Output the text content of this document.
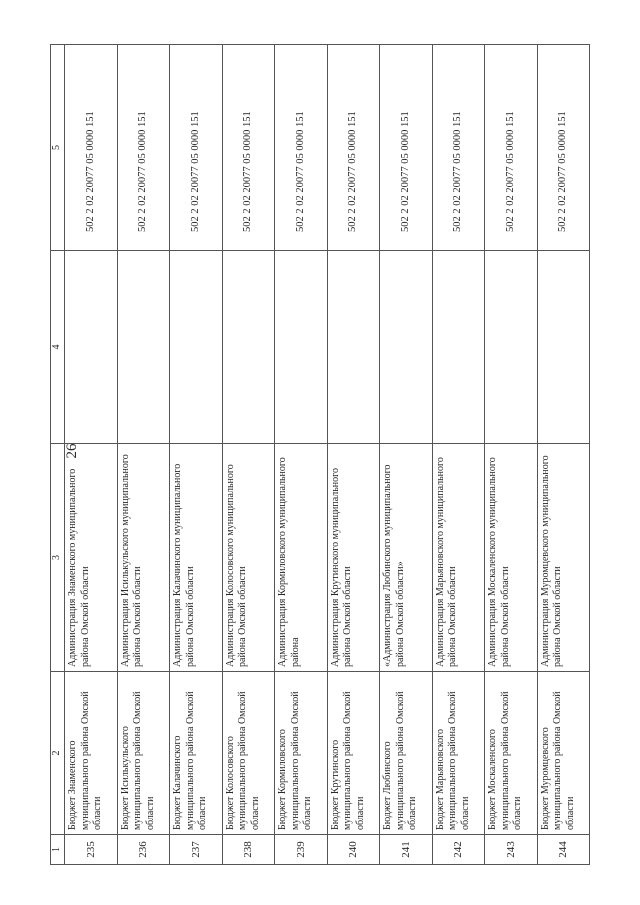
26
1	2	3	4	5
235	Бюджет Знаменского муниципального района Омской области	Администрация Знаменского муниципального района Омской области		502 2 02 20077 05 0000 151
236	Бюджет Исилькульского муниципального района Омской области	Администрация Исилькульского муниципального района Омской области		502 2 02 20077 05 0000 151
237	Бюджет Калачинского муниципального района Омской области	Администрация Калачинского муниципального района Омской области		502 2 02 20077 05 0000 151
238	Бюджет Колосовского муниципального района Омской области	Администрация Колосовского муниципального района Омской области		502 2 02 20077 05 0000 151
239	Бюджет Кормиловского муниципального района Омской области	Администрация Кормиловского муниципального района		502 2 02 20077 05 0000 151
240	Бюджет Крутинского муниципального района Омской области	Администрация Крутинского муниципального района Омской области		502 2 02 20077 05 0000 151
241	Бюджет Любинского муниципального района Омской области	«Администрация Любинского муниципального района Омской области»		502 2 02 20077 05 0000 151
242	Бюджет Марьяновского муниципального района Омской области	Администрация Марьяновского муниципального района Омской области		502 2 02 20077 05 0000 151
243	Бюджет Москаленского муниципального района Омской области	Администрация Москаленского муниципального района Омской области		502 2 02 20077 05 0000 151
244	Бюджет Муромцевского муниципального района Омской области	Администрация Муромцевского муниципального района Омской области		502 2 02 20077 05 0000 151
